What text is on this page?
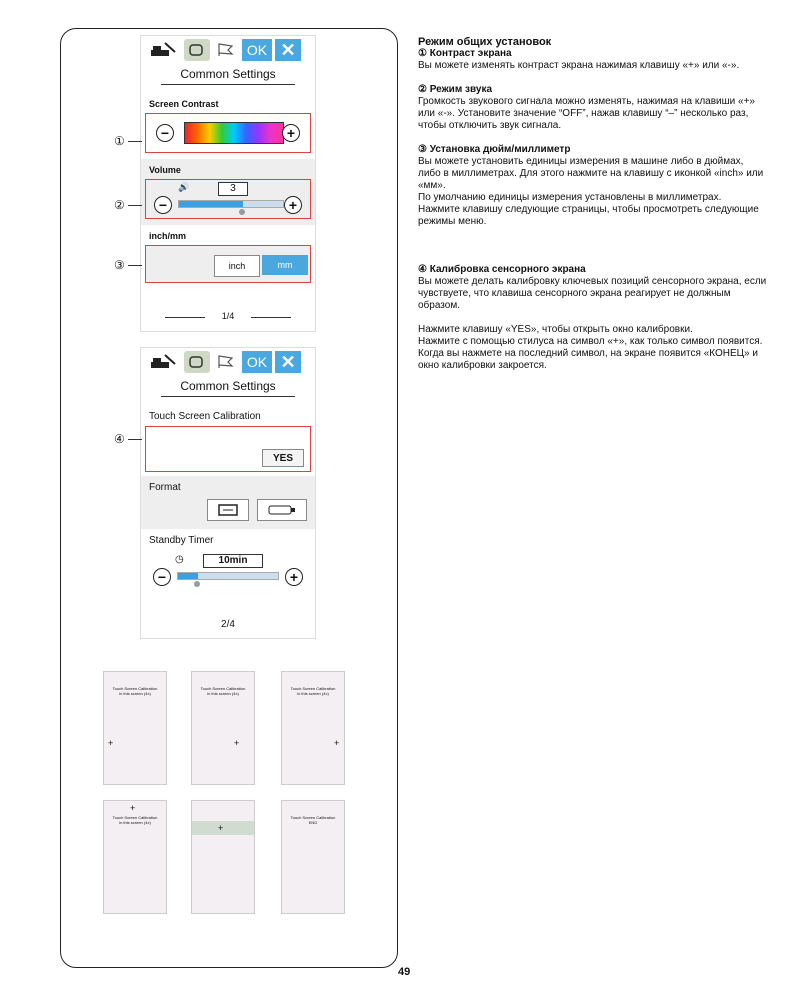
OK ✕
Common Settings
Screen Contrast
−	+
Volume
−
🔊	3
+
inch/mm
inch	mm
1/4
OK ✕
Common Settings
Touch Screen Calibration
YES
Format
Standby Timer
−
◷	10min
+
2/4
①
②
③
④
Touch Screen Calibration
in this screen (4x)
+
Touch Screen Calibration
in this screen (4x)
+
Touch Screen Calibration
in this screen (4x)
+
+
Touch Screen Calibration
in this screen (4x)
+
Touch Screen Calibration
END
Режим общих установок

① Контраст экрана

Вы можете изменять контраст экрана нажимая клавишу «+» или «-».

② Режим звука

Громкость звукового сигнала можно изменять, нажимая на клавиши «+» или «-». Установите значение “OFF”, нажав клавишу “–” несколько раз, чтобы отключить звук сигнала.

③ Установка дюйм/миллиметр

Вы можете установить единицы измерения в машине либо в дюймах, либо в миллиметрах. Для этого нажмите на клавишу с иконкой «inch» или «мм».

По умолчанию единицы измерения установлены в миллиметрах.

Нажмите клавишу следующие страницы, чтобы просмотреть следующие режимы меню.

④ Калибровка сенсорного экрана

Вы можете делать калибровку ключевых позиций сенсорного экрана, если чувствуете, что клавиша сенсорного экрана реагирует не должным образом.

Нажмите клавишу «YES», чтобы открыть окно калибровки.

Нажмите с помощью стилуса на символ «+», как только символ появится.

Когда вы нажмете на последний символ, на экране появится «КОНЕЦ» и окно калибровки закроется.

49
